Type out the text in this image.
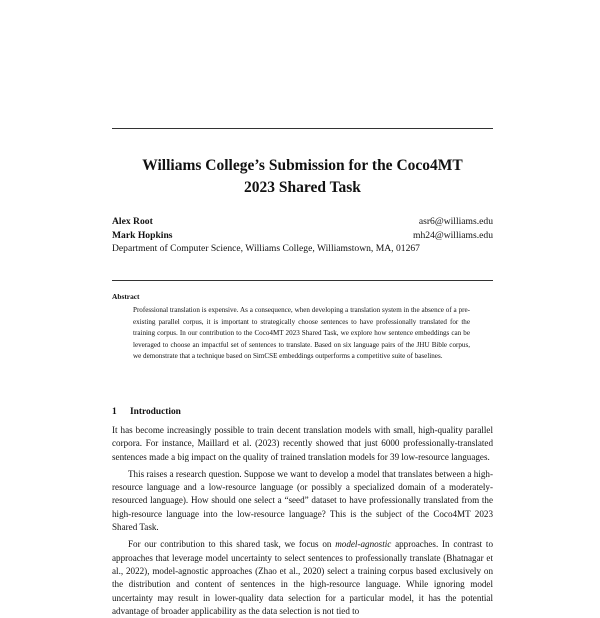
Williams College’s Submission for the Coco4MT
2023 Shared Task
Alex Root	asr6@williams.edu
Mark Hopkins	mh24@williams.edu
Department of Computer Science, Williams College, Williamstown, MA, 01267
Abstract
Professional translation is expensive. As a consequence, when developing a translation system in the absence of a pre-existing parallel corpus, it is important to strategically choose sentences to have professionally translated for the training corpus. In our contribution to the Coco4MT 2023 Shared Task, we explore how sentence embeddings can be leveraged to choose an impactful set of sentences to translate. Based on six language pairs of the JHU Bible corpus, we demonstrate that a technique based on SimCSE embeddings outperforms a competitive suite of baselines.
1 Introduction

It has become increasingly possible to train decent translation models with small, high-quality parallel corpora. For instance, Maillard et al. (2023) recently showed that just 6000 professionally-translated sentences made a big impact on the quality of trained translation models for 39 low-resource languages.

This raises a research question. Suppose we want to develop a model that translates between a high-resource language and a low-resource language (or possibly a specialized domain of a moderately-resourced language). How should one select a “seed” dataset to have professionally translated from the high-resource language into the low-resource language? This is the subject of the Coco4MT 2023 Shared Task.

For our contribution to this shared task, we focus on model-agnostic approaches. In contrast to approaches that leverage model uncertainty to select sentences to professionally translate (Bhatnagar et al., 2022), model-agnostic approaches (Zhao et al., 2020) select a training corpus based exclusively on the distribution and content of sentences in the high-resource language. While ignoring model uncertainty may result in lower-quality data selection for a particular model, it has the potential advantage of broader applicability as the data selection is not tied to
